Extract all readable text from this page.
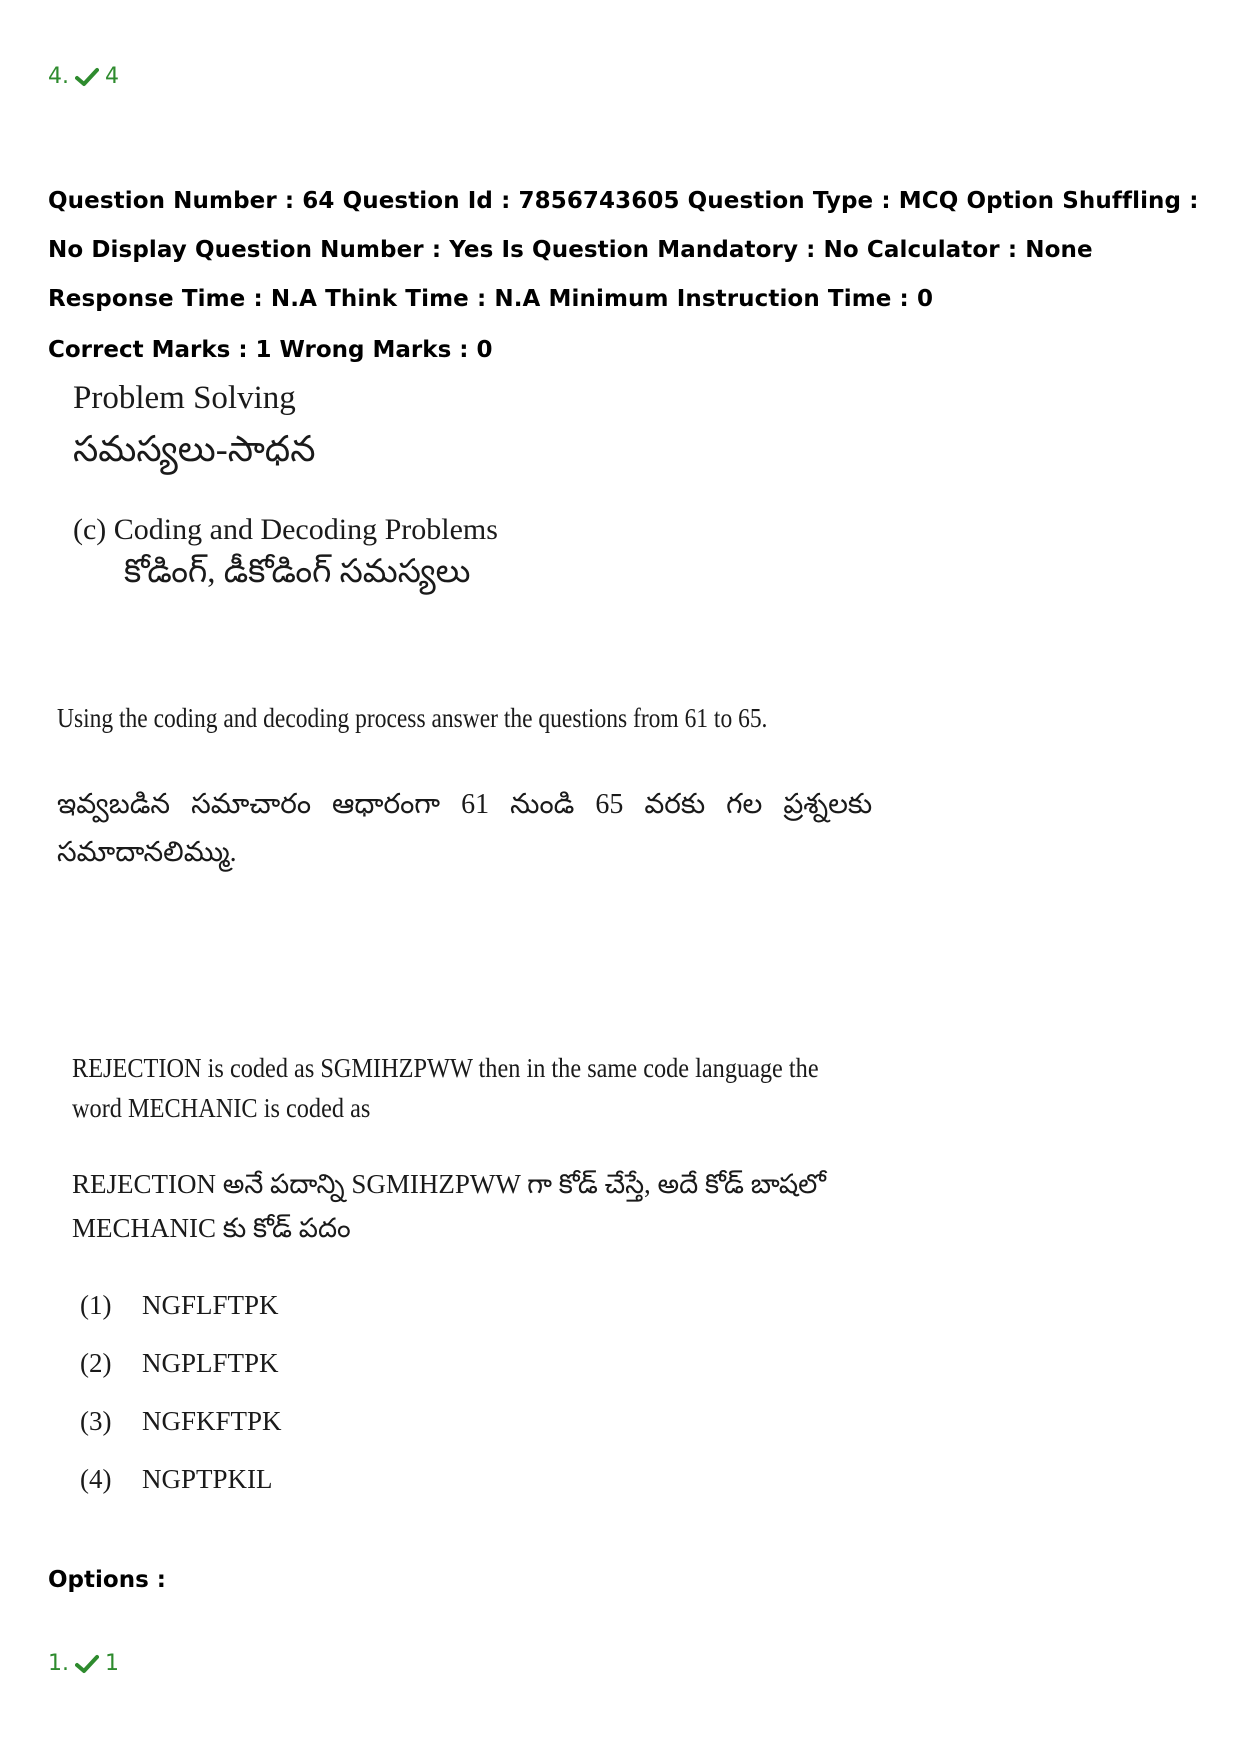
4. 4
Question Number : 64 Question Id : 7856743605 Question Type : MCQ Option Shuffling : No Display Question Number : Yes Is Question Mandatory : No Calculator : None Response Time : N.A Think Time : N.A Minimum Instruction Time : 0
Correct Marks : 1 Wrong Marks : 0
Problem Solving
సమస్యలు-సాధన
(c) Coding and Decoding Problems
కోడింగ్, డీకోడింగ్ సమస్యలు
Using the coding and decoding process answer the questions from 61 to 65.
ఇవ్వబడిన సమాచారం ఆధారంగా 61 నుండి 65 వరకు గల ప్రశ్నలకు సమాదానలిమ్ము.
REJECTION is coded as SGMIHZPWW then in the same code language the word MECHANIC is coded as
REJECTION అనే పదాన్ని SGMIHZPWW గా కోడ్ చేస్తే, అదే కోడ్ బాషలో MECHANIC కు కోడ్ పదం
(1)	NGFLFTPK
(2)	NGPLFTPK
(3)	NGFKFTPK
(4)	NGPTPKIL
Options :
1. 1
